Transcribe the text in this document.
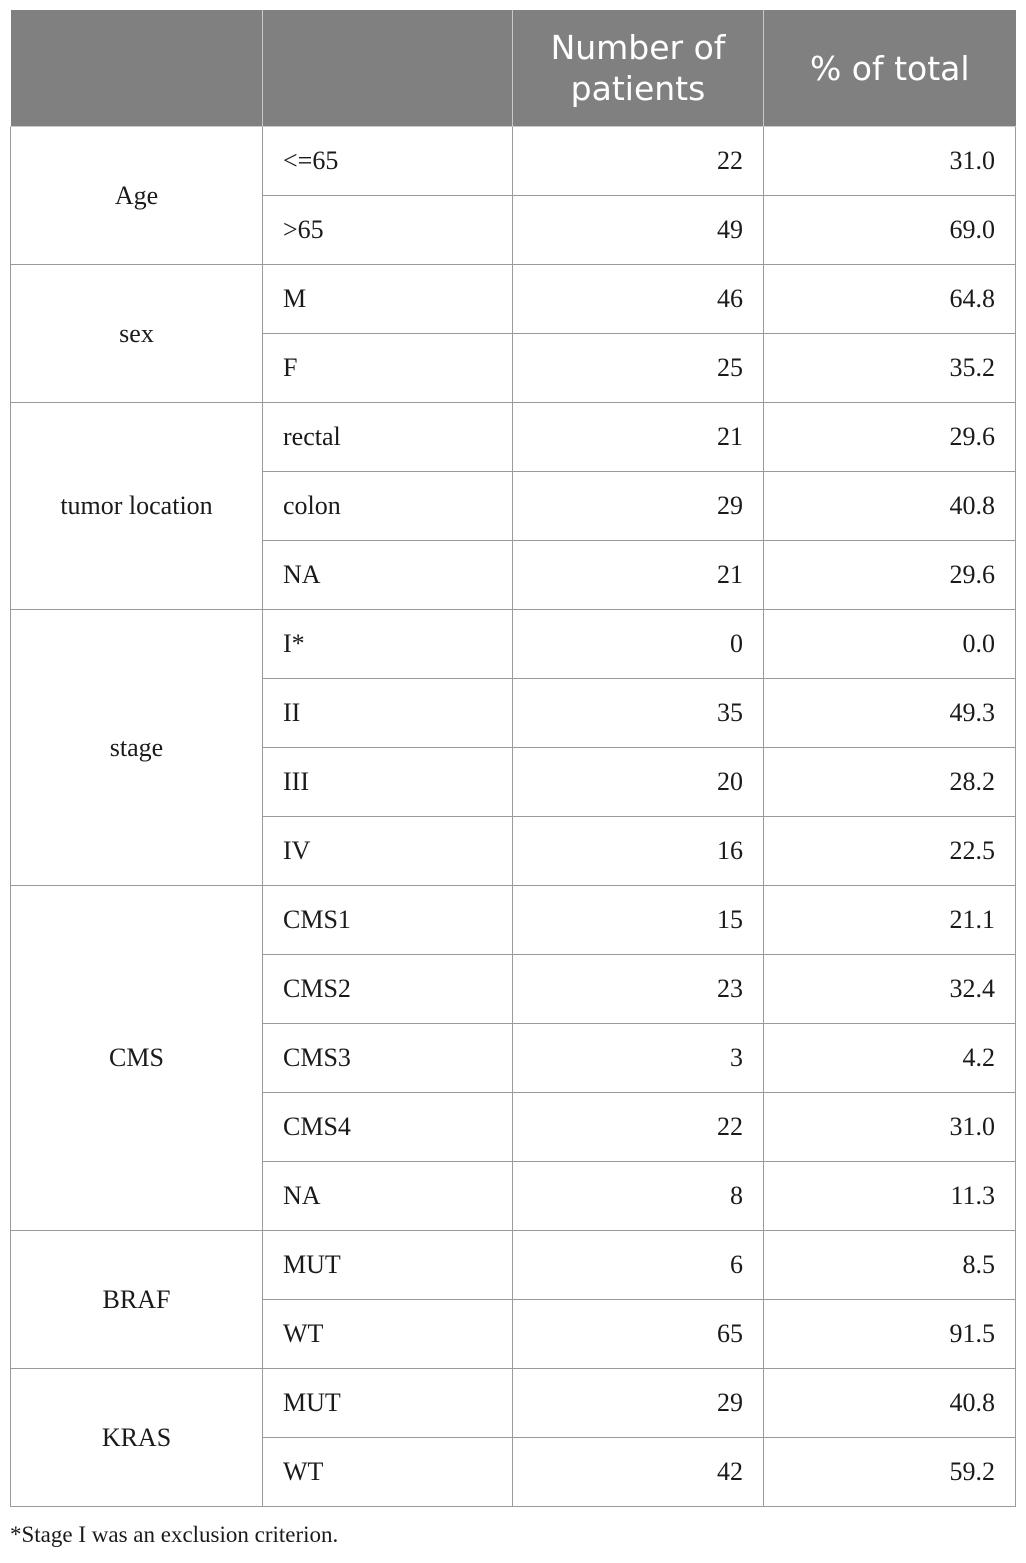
		Number of patients	% of total
Age	<=65	22	31.0
	>65	49	69.0
sex	M	46	64.8
	F	25	35.2
tumor location	rectal	21	29.6
	colon	29	40.8
	NA	21	29.6
stage	I*	0	0.0
	II	35	49.3
	III	20	28.2
	IV	16	22.5
CMS	CMS1	15	21.1
	CMS2	23	32.4
	CMS3	3	4.2
	CMS4	22	31.0
	NA	8	11.3
BRAF	MUT	6	8.5
	WT	65	91.5
KRAS	MUT	29	40.8
	WT	42	59.2
*Stage I was an exclusion criterion.
